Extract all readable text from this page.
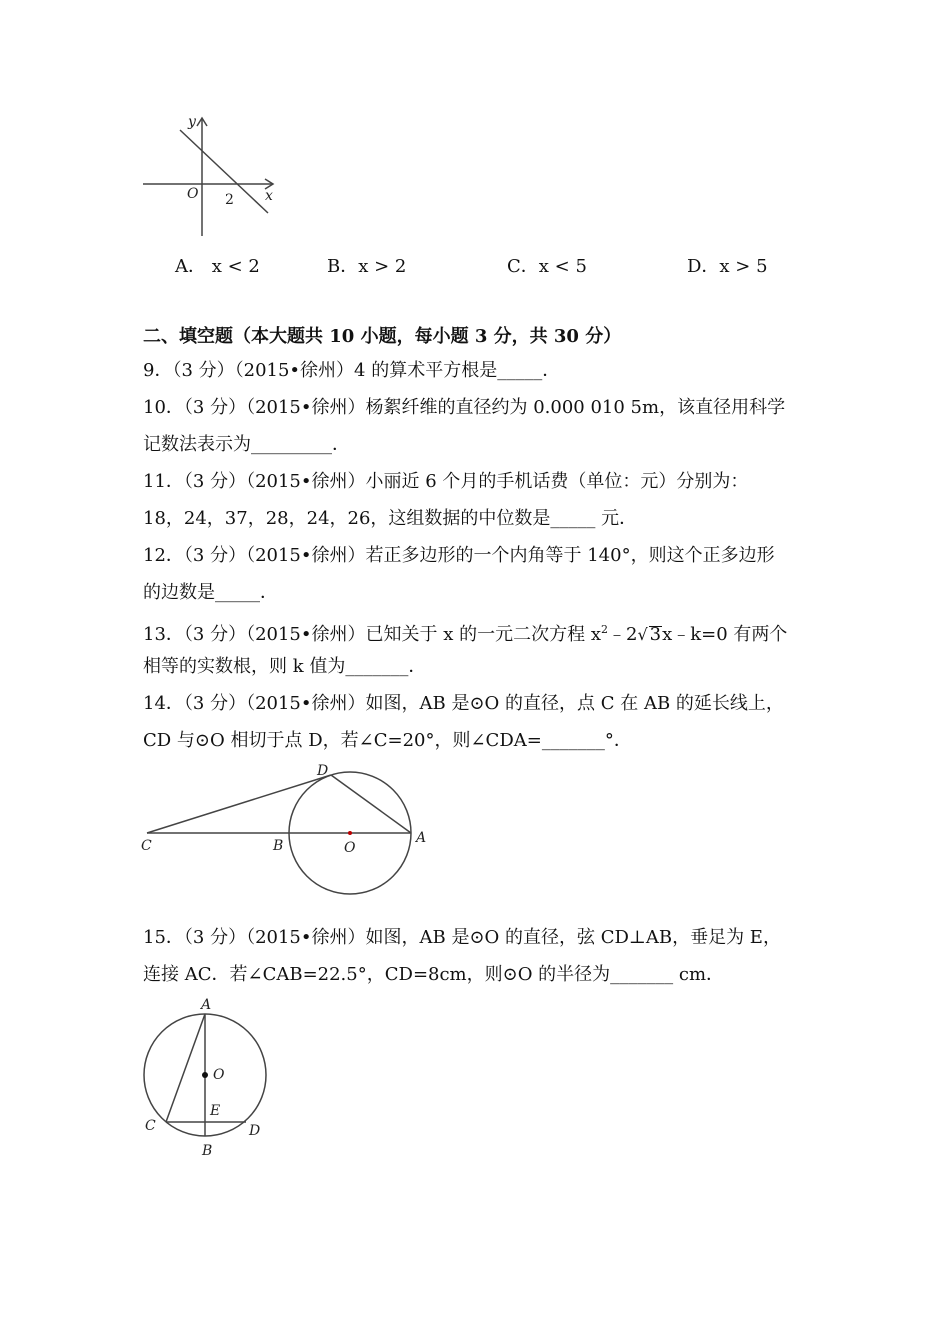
y
x
O 2
A． x < 2	B．x > 2	C．x < 5	D．x > 5
二、填空题（本大题共 10 小题，每小题 3 分，共 30 分）
9．（3 分）（2015•徐州）4 的算术平方根是_____．
10．（3 分）（2015•徐州）杨絮纤维的直径约为 0.000 010 5m，该直径用科学
记数法表示为_________．
11．（3 分）（2015•徐州）小丽近 6 个月的手机话费（单位：元）分别为：
18，24，37，28，24，26，这组数据的中位数是_____ 元．
12．（3 分）（2015•徐州）若正多边形的一个内角等于 140°，则这个正多边形
的边数是_____．
13．（3 分）（2015•徐州）已知关于 x 的一元二次方程 $x^2﹣2√$ 3x﹣k=0 有两个
相等的实数根，则 k 值为_______．
14．（3 分）（2015•徐州）如图，AB 是⊙O 的直径，点 C 在 AB 的延长线上，
CD 与⊙O 相切于点 D，若∠C=20°，则∠CDA=_______°．
C	B	O
A
D
15．（3 分）（2015•徐州）如图，AB 是⊙O 的直径，弦 CD⊥AB，垂足为 E，
连接 AC．若∠CAB=22.5°，CD=8cm，则⊙O 的半径为_______ cm．
A
O
E
C	D
B
